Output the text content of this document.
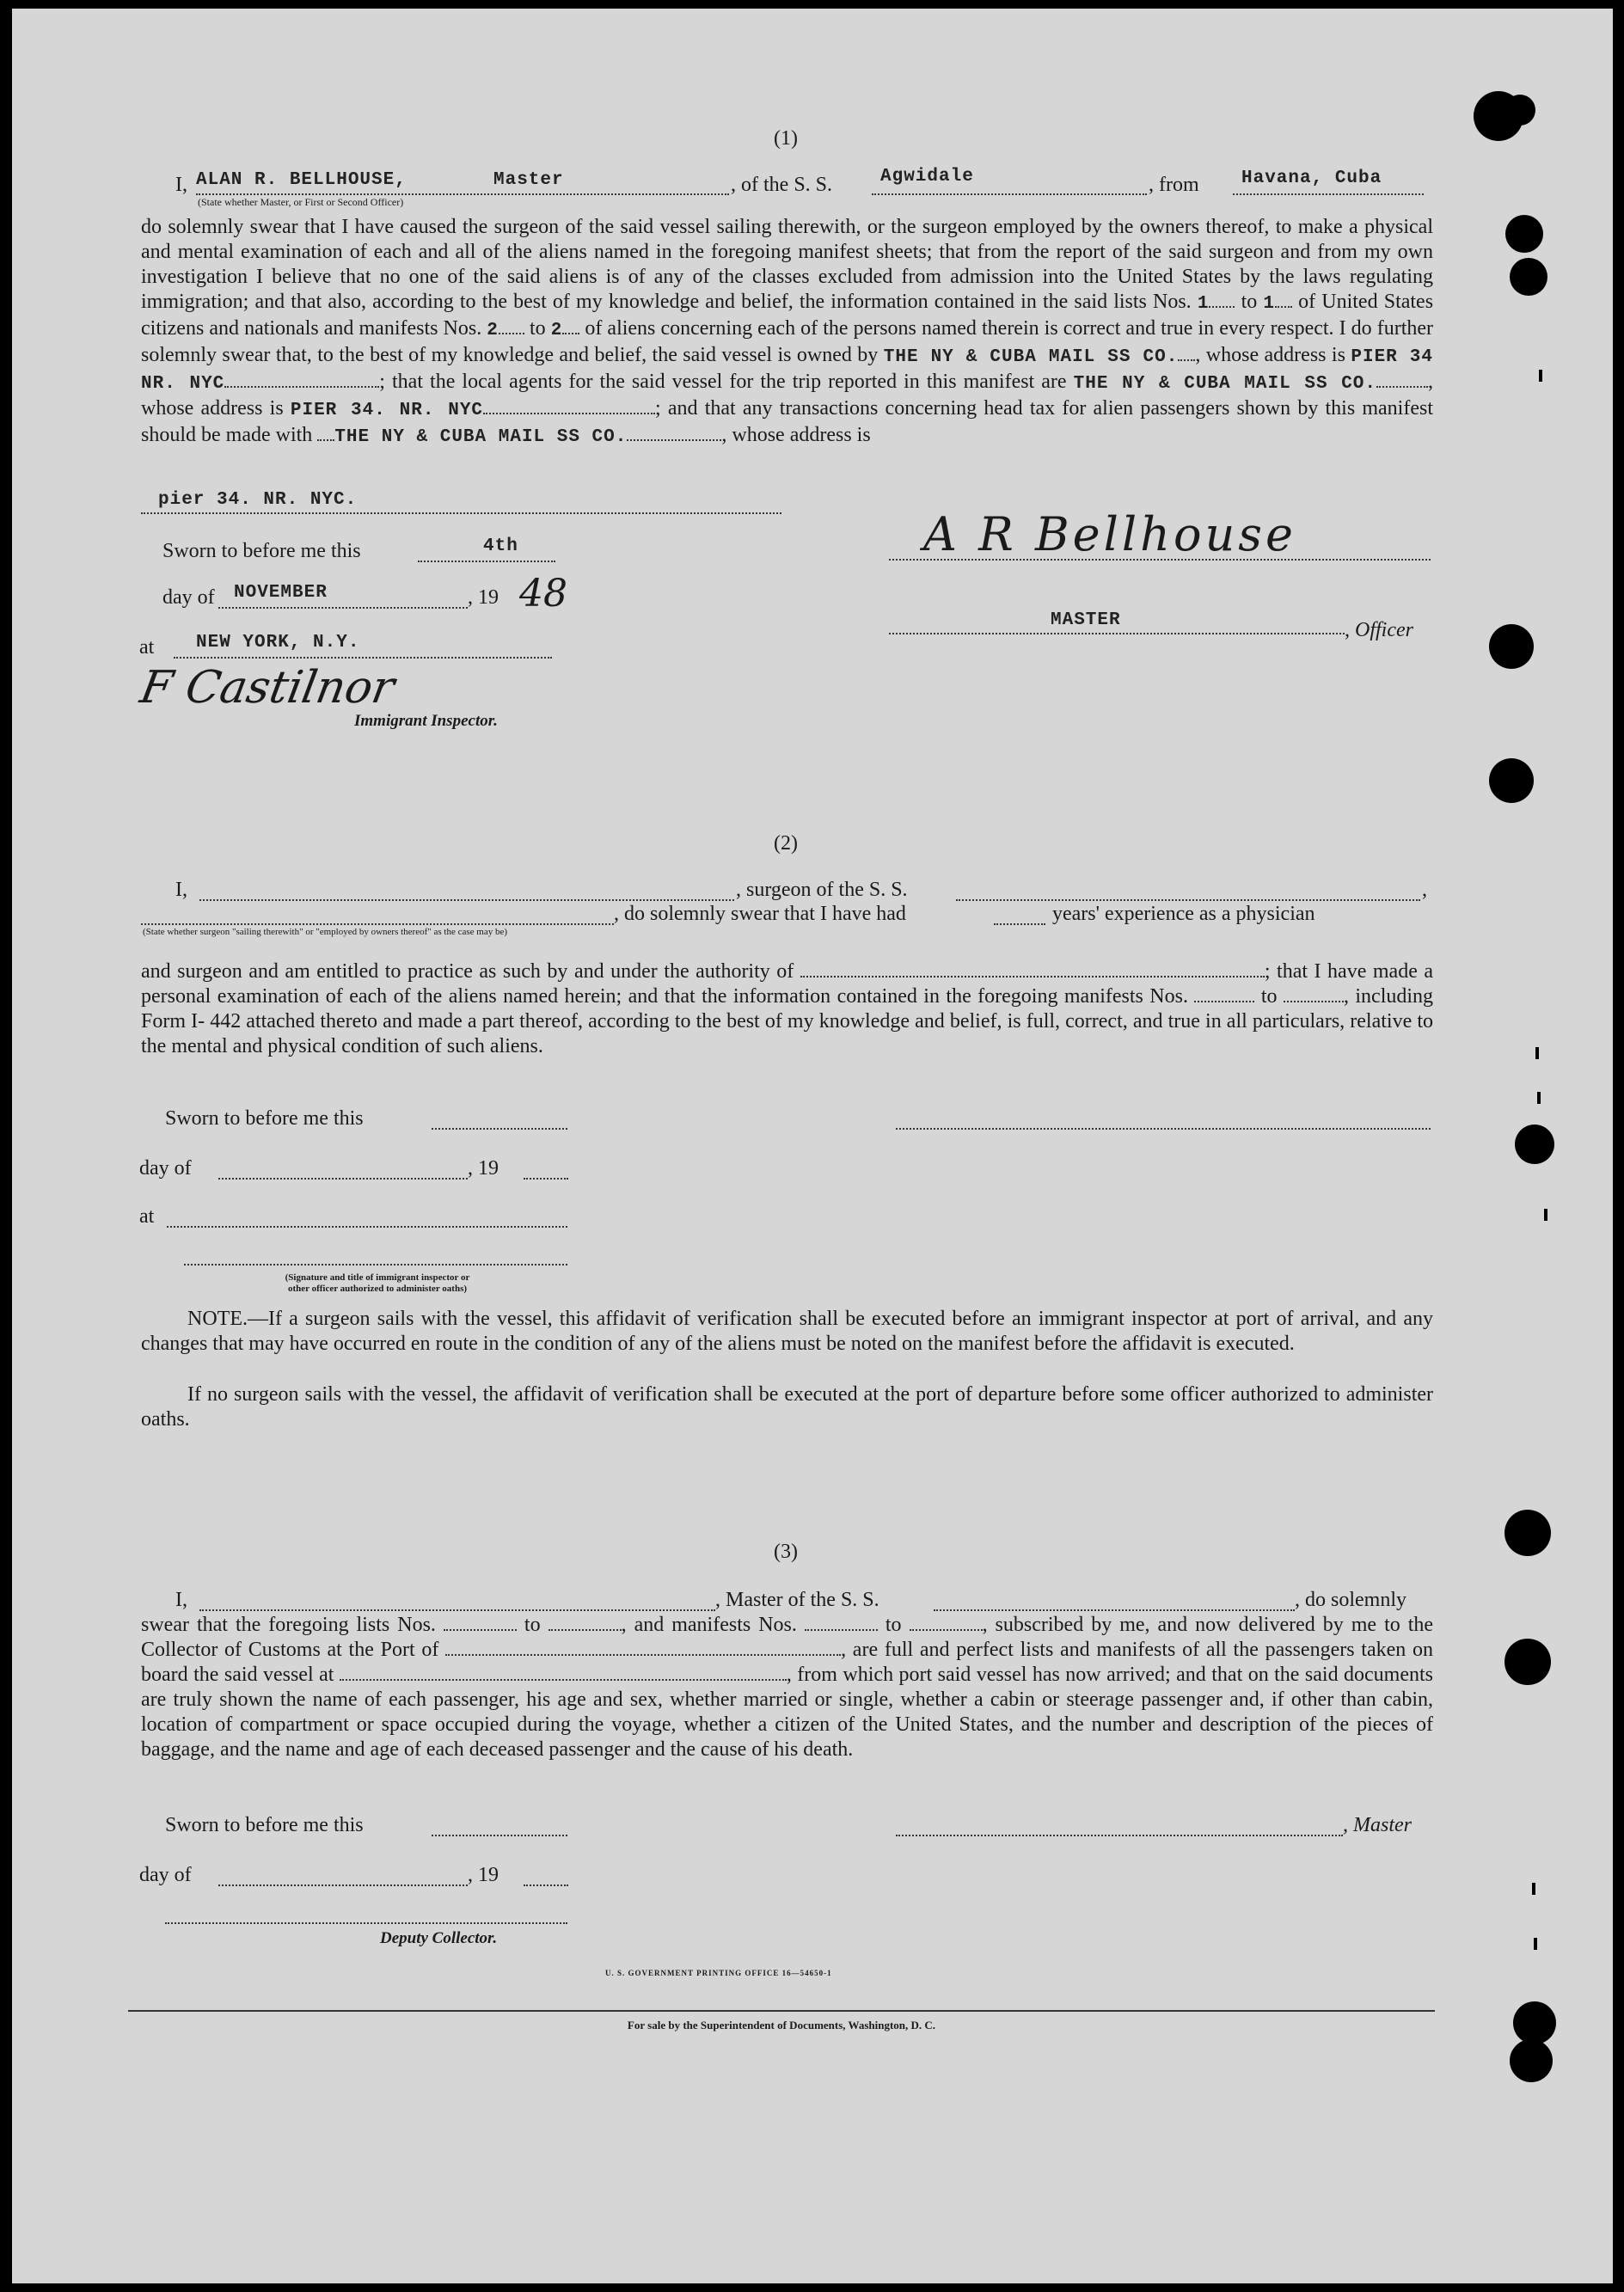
(1)
I, ALAN R. BELLHOUSE,	Master
(State whether Master, or First or Second Officer)
, of the S. S.	Agwidale	, from Havana, Cuba
do solemnly swear that I have caused the surgeon of the said vessel sailing therewith, or the surgeon employed by the owners thereof, to make a physical and mental examination of each and all of the aliens named in the foregoing manifest sheets; that from the report of the said surgeon and from my own investigation I believe that no one of the said aliens is of any of the classes excluded from admission into the United States by the laws regulating immigration; and that also, according to the best of my knowledge and belief, the information contained in the said lists Nos. 1 to 1 of United States citizens and nationals and manifests Nos. 2 to 2 of aliens concerning each of the persons named therein is correct and true in every respect. I do further solemnly swear that, to the best of my knowledge and belief, the said vessel is owned by THE NY & CUBA MAIL SS CO. , whose address is PIER 34 NR. NYC	; that the local agents for the said vessel for the trip reported in this manifest are THE NY & CUBA MAIL SS CO.	, whose address is PIER 34. NR. NYC	; and that any transactions concerning head tax for alien passengers shown by this manifest should be made with THE NY & CUBA MAIL SS CO.	, whose address is
pier 34. NR. NYC.
Sworn to before me this	4th
day of NOVEMBER	, 19 48
at NEW YORK, N.Y.
F Castilnor
Immigrant Inspector.
A R Bellhouse
MASTER	, Officer
(2)
I,	, surgeon of the S. S.	,
, do solemnly swear that I have had	years' experience as a physician
(State whether surgeon "sailing therewith" or "employed by owners thereof" as the case may be)
and surgeon and am entitled to practice as such by and under the authority of	; that I have made a personal examination of each of the aliens named herein; and that the information contained in the foregoing manifests Nos.	to	, including Form I- 442 attached thereto and made a part thereof, according to the best of my knowledge and belief, is full, correct, and true in all particulars, relative to the mental and physical condition of such aliens.
Sworn to before me this
day of	, 19
at
(Signature and title of immigrant inspector or
other officer authorized to administer oaths)
NOTE.—If a surgeon sails with the vessel, this affidavit of verification shall be executed before an immigrant inspector at port of arrival, and any changes that may have occurred en route in the condition of any of the aliens must be noted on the manifest before the affidavit is executed.
If no surgeon sails with the vessel, the affidavit of verification shall be executed at the port of departure before some officer authorized to administer oaths.
(3)
I,	, Master of the S. S.	, do solemnly
swear that the foregoing lists Nos.	to	, and manifests Nos.	to	, subscribed by me, and now delivered by me to the Collector of Customs at the Port of	, are full and perfect lists and manifests of all the passengers taken on board the said vessel at	, from which port said vessel has now arrived; and that on the said documents are truly shown the name of each passenger, his age and sex, whether married or single, whether a cabin or steerage passenger and, if other than cabin, location of compartment or space occupied during the voyage, whether a citizen of the United States, and the number and description of the pieces of baggage, and the name and age of each deceased passenger and the cause of his death.
Sworn to before me this	, Master
day of	, 19
Deputy Collector.
U. S. GOVERNMENT PRINTING OFFICE 16—54650-1
For sale by the Superintendent of Documents, Washington, D. C.
